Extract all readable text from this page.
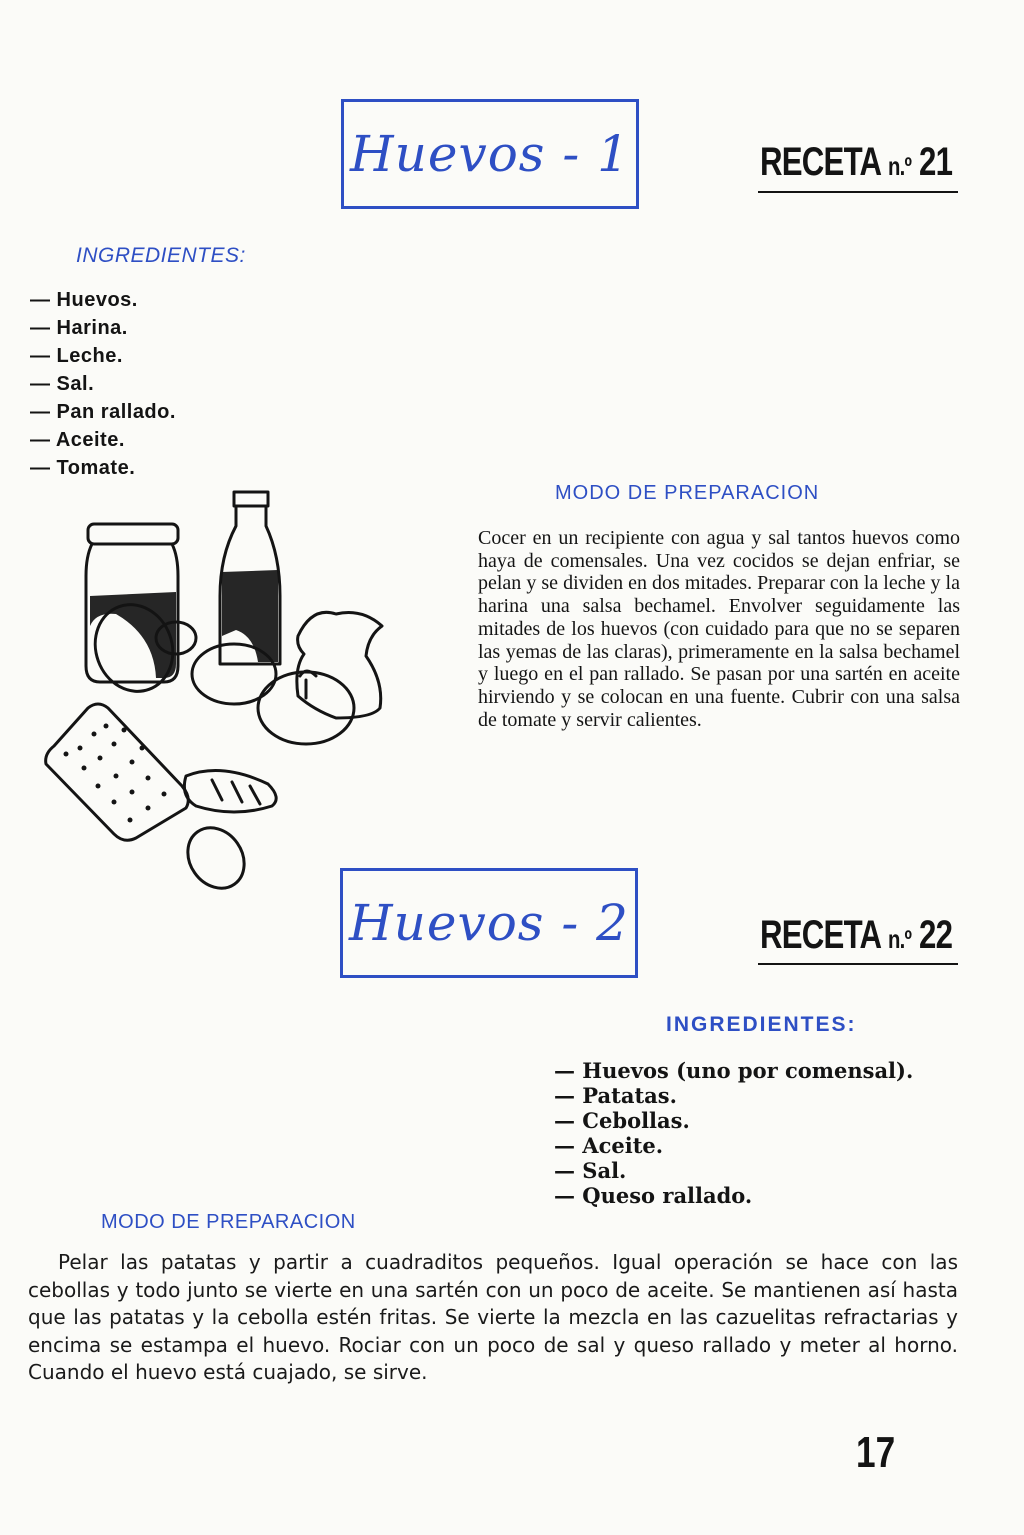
Huevos - 1	RECETA n.º 21
INGREDIENTES:
— Huevos.
— Harina.
— Leche.
— Sal.
— Pan rallado.
— Aceite.
— Tomate.
MODO DE PREPARACION
Cocer en un recipiente con agua y sal tantos huevos como haya de comensales. Una vez cocidos se dejan enfriar, se pelan y se dividen en dos mitades. Preparar con la leche y la harina una salsa bechamel. Envolver seguidamente las mitades de los huevos (con cuidado para que no se separen las yemas de las claras), primeramente en la salsa bechamel y luego en el pan rallado. Se pasan por una sartén en aceite hirviendo y se colocan en una fuente. Cubrir con una salsa de tomate y servir calientes.
Huevos - 2	RECETA n.º 22
INGREDIENTES:
— Huevos (uno por comensal).
— Patatas.
— Cebollas.
— Aceite.
— Sal.
— Queso rallado.
MODO DE PREPARACION
Pelar las patatas y partir a cuadraditos pequeños. Igual operación se hace con las cebollas y todo junto se vierte en una sartén con un poco de aceite. Se mantienen así hasta que las patatas y la cebolla estén fritas. Se vierte la mezcla en las cazuelitas refractarias y encima se estampa el huevo. Rociar con un poco de sal y queso rallado y meter al horno. Cuando el huevo está cuajado, se sirve.
17
